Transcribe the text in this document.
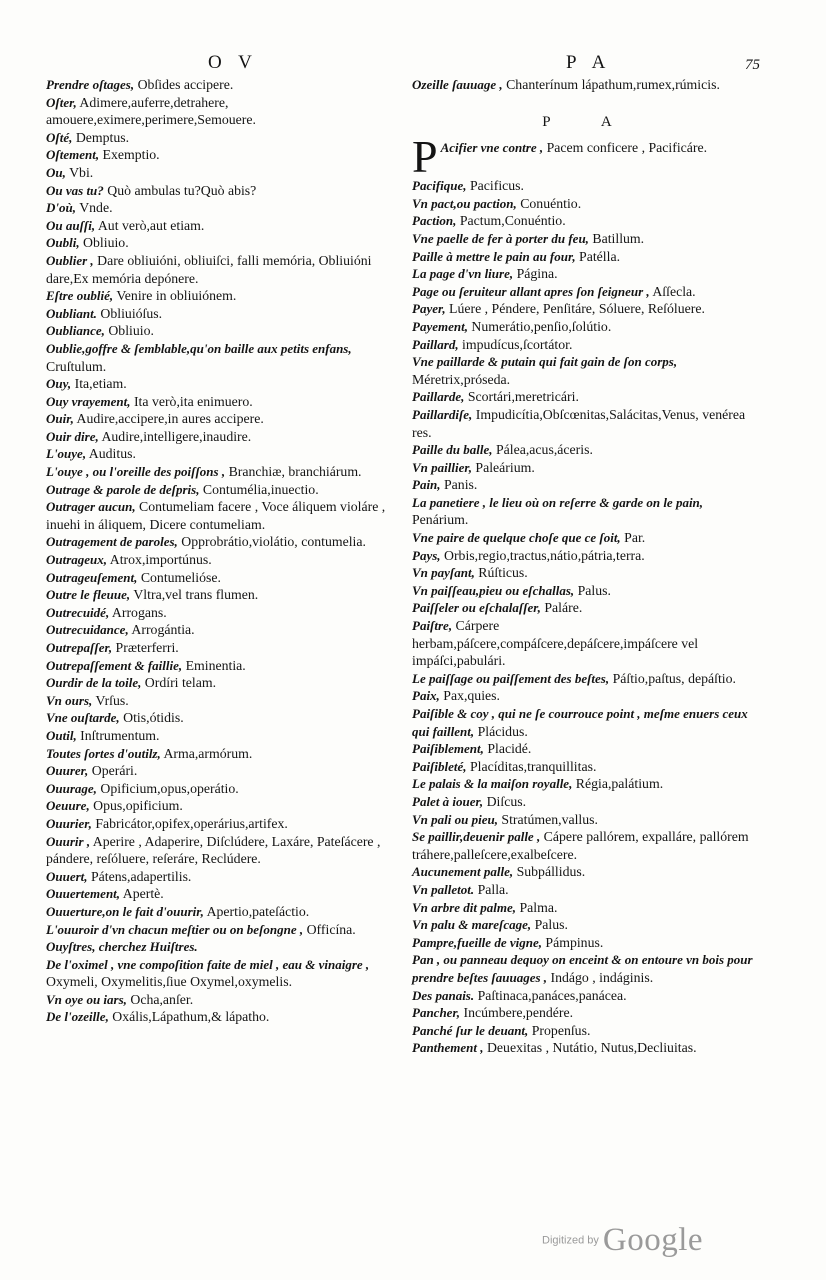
O V	P A	75
Prendre oſtages, Obſides accipere.
Oſter, Adimere,auferre,detrahere, amouere,eximere,perimere,Semouere.
Oſté, Demptus.
Oſtement, Exemptio.
Ou, Vbi.
Ou vas tu? Quò ambulas tu?Quò abis?
D'où, Vnde.
Ou auſſi, Aut verò,aut etiam.
Oubli, Obliuio.
Oublier , Dare obliuióni, obliuiſci, falli memória, Obliuióni dare,Ex memória depónere.
Eſtre oublié, Venire in obliuiónem.
Oubliant. Obliuióſus.
Oubliance, Obliuio.
Oublie,goffre & ſemblable,qu'on baille aux petits enfans, Cruſtulum.
Ouy, Ita,etiam.
Ouy vrayement, Ita verò,ita enimuero.
Ouir, Audire,accipere,in aures accipere.
Ouir dire, Audire,intelligere,inaudire.
L'ouye, Auditus.
L'ouye , ou l'oreille des poiſſons , Branchiæ, branchiárum.
Outrage & parole de deſpris, Contumélia,inuectio.
Outrager aucun, Contumeliam facere , Voce áliquem violáre , inuehi in áliquem, Dicere contumeliam.
Outragement de paroles, Opprobrátio,violátio, contumelia.
Outrageux, Atrox,importúnus.
Outrageuſement, Contumelióse.
Outre le fleuue, Vltra,vel trans flumen.
Outrecuidé, Arrogans.
Outrecuidance, Arrogántia.
Outrepaſſer, Præterferri.
Outrepaſſement & faillie, Eminentia.
Ourdir de la toile, Ordíri telam.
Vn ours, Vrſus.
Vne ouſtarde, Otis,ótidis.
Outil, Inſtrumentum.
Toutes ſortes d'outilz, Arma,armórum.
Ouurer, Operári.
Ouurage, Opificium,opus,operátio.
Oeuure, Opus,opificium.
Ouurier, Fabricátor,opifex,operárius,artifex.
Ouurir , Aperire , Adaperire, Diſclúdere, Laxáre, Pateſácere , pándere, reſóluere, reſeráre, Reclúdere.
Ouuert, Pátens,adapertilis.
Ouuertement, Apertè.
Ouuerture,on le fait d'ouurir, Apertio,pateſáctio.
L'ouuroir d'vn chacun meſtier ou on beſongne , Officína.
Ouyſtres, cherchez Huiſtres.
De l'oximel , vne compoſition faite de miel , eau & vinaigre , Oxymeli, Oxymelitis,ſiue Oxymel,oxymelis.
Vn oye ou iars, Ocha,anſer.
De l'ozeille, Oxális,Lápathum,& lápatho.
Ozeille ſauuage , Chanterínum lápathum,rumex,rúmicis.
P A
P Acifier vne contre , Pacem conficere , Pacificáre.
Pacifique, Pacificus.
Vn pact,ou paction, Conuéntio.
Paction, Pactum,Conuéntio.
Vne paelle de fer à porter du feu, Batillum.
Paille à mettre le pain au four, Patélla.
La page d'vn liure, Página.
Page ou ſeruiteur allant apres ſon ſeigneur , Aſſecla.
Payer, Lúere , Péndere, Penſitáre, Sóluere, Reſóluere.
Payement, Numerátio,penſio,ſolútio.
Paillard, impudícus,ſcortátor.
Vne paillarde & putain qui fait gain de ſon corps, Méretrix,próseda.
Paillarde, Scortári,meretricári.
Paillardiſe, Impudicítia,Obſcœnitas,Salácitas,Venus, venérea res.
Paille du balle, Pálea,acus,áceris.
Vn paillier, Paleárium.
Pain, Panis.
La panetiere , le lieu où on reſerre & garde on le pain, Penárium.
Vne paire de quelque choſe que ce ſoit, Par.
Pays, Orbis,regio,tractus,nátio,pátria,terra.
Vn payſant, Rúſticus.
Vn paiſſeau,pieu ou eſchallas, Palus.
Paiſſeler ou eſchalaſſer, Paláre.
Paiſtre, Cárpere herbam,páſcere,compáſcere,depáſcere,impáſcere vel impáſci,pabulári.
Le paiſſage ou paiſſement des beſtes, Páſtio,paſtus, depáſtio.
Paix, Pax,quies.
Paiſible & coy , qui ne ſe courrouce point , meſme enuers ceux qui faillent, Plácidus.
Paiſiblement, Placidé.
Paiſibleté, Placíditas,tranquillitas.
Le palais & la maiſon royalle, Régia,palátium.
Palet à iouer, Diſcus.
Vn pali ou pieu, Stratúmen,vallus.
Se paillir,deuenir palle , Cápere pallórem, expalláre, pallórem tráhere,palleſcere,exalbeſcere.
Aucunement palle, Subpállidus.
Vn palletot. Palla.
Vn arbre dit palme, Palma.
Vn palu & mareſcage, Palus.
Pampre,fueille de vigne, Pámpinus.
Pan , ou panneau dequoy on enceint & on entoure vn bois pour prendre beſtes ſauuages , Indágo , indáginis.
Des panais. Paſtinaca,panáces,panácea.
Pancher, Incúmbere,pendére.
Panché ſur le deuant, Propenſus.
Panthement , Deuexitas , Nutátio, Nutus,Decliuitas.
Digitized by Google
